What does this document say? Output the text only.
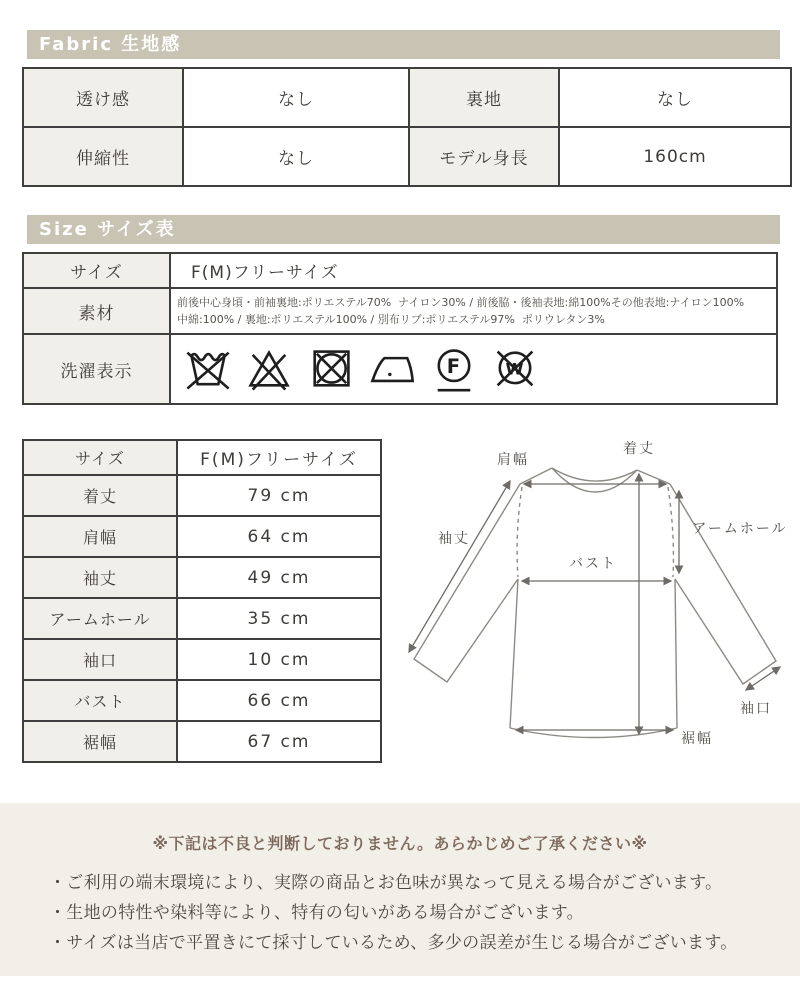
Fabric 生地感
透け感	なし	裏地	なし
伸縮性	なし	モデル身長	160cm
Size サイズ表
サイズ	F(M)フリーサイズ
素材	前後中心身頃・前袖裏地:ポリエステル70%  ナイロン30% / 前後脇・後袖表地:綿100%その他表地:ナイロン100%
中綿:100% / 裏地:ポリエステル100% / 別布リブ:ポリエステル97%  ポリウレタン3%

洗濯表示	F
W
サイズ	F(M)フリーサイズ
着丈	79 cm
肩幅	64 cm
袖丈	49 cm
アームホール	35 cm
袖口	10 cm
バスト	66 cm
裾幅	67 cm
着丈
肩幅
袖丈
アームホール
バスト
袖口
裾幅
※下記は不良と判断しておりません。あらかじめご了承ください※
・ご利用の端末環境により、実際の商品とお色味が異なって見える場合がございます。
・生地の特性や染料等により、特有の匂いがある場合がございます。
・サイズは当店で平置きにて採寸しているため、多少の誤差が生じる場合がございます。
